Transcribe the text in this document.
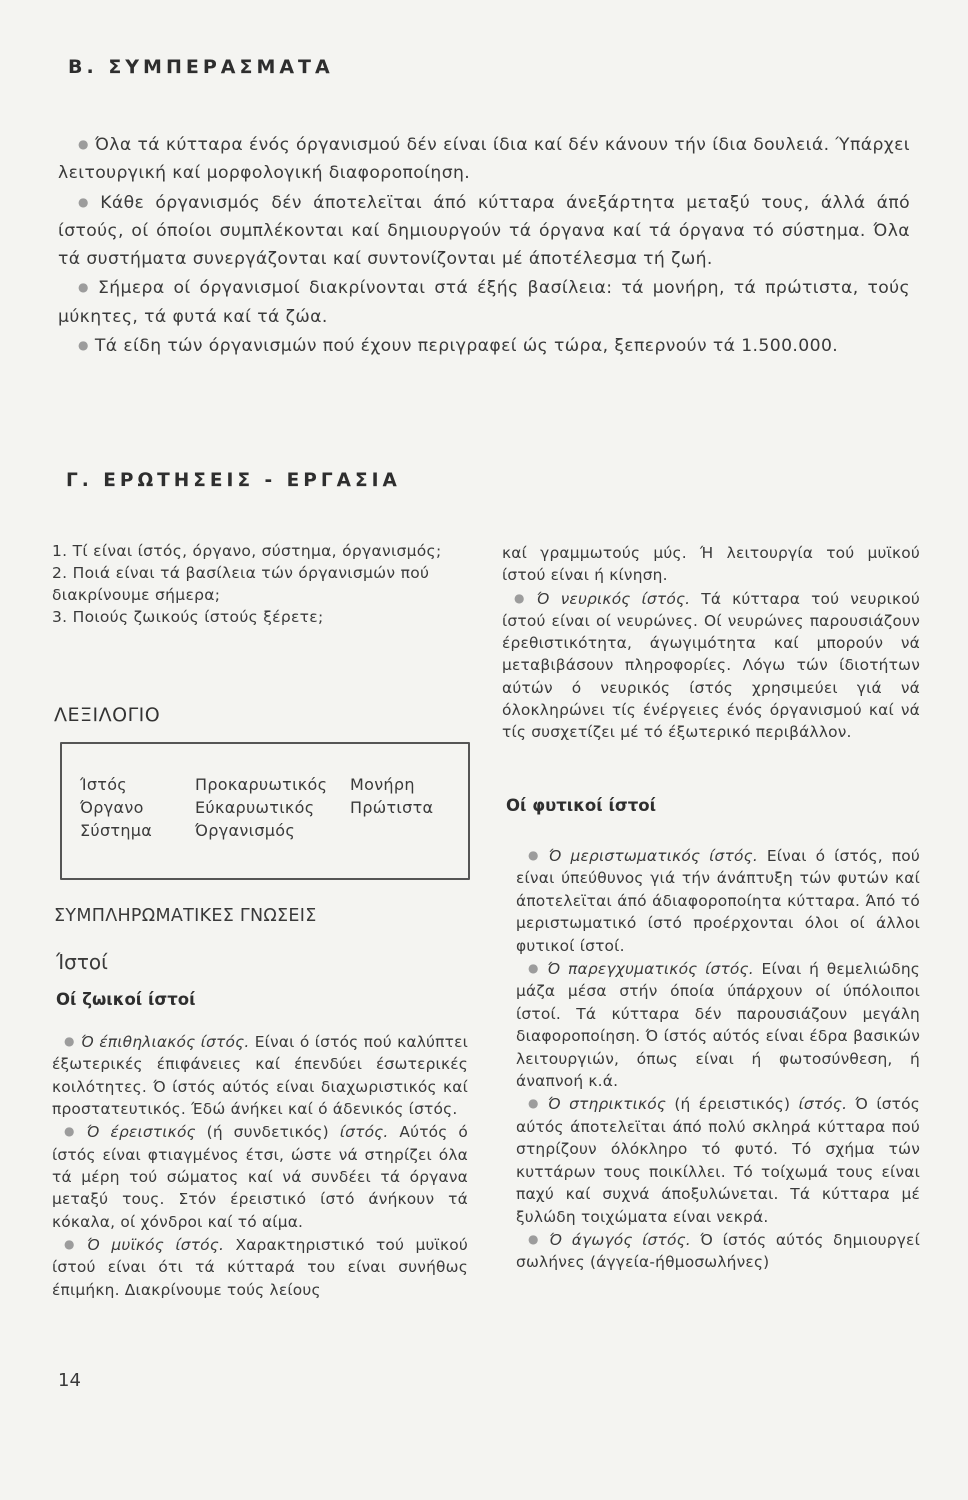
Β. ΣΥΜΠΕΡΑΣΜΑΤΑ

● Όλα τά κύτταρα ένός όργανισμού δέν είναι ίδια καί δέν κάνουν τήν ίδια δουλειά. Ύπάρχει λειτουργική καί μορφολογική διαφοροποίηση.

● Κάθε όργανισμός δέν άποτελεϊται άπό κύτταρα άνεξάρτητα μεταξύ τους, άλλά άπό ίστούς, οί όποίοι συμπλέκονται καί δημιουργούν τά όργανα καί τά όργανα τό σύστημα. Όλα τά συστήματα συνεργάζονται καί συντονίζονται μέ άποτέλεσμα τή ζωή.

● Σήμερα οί όργανισμοί διακρίνονται στά έξής βασίλεια: τά μονήρη, τά πρώτιστα, τούς μύκητες, τά φυτά καί τά ζώα.

● Τά είδη τών όργανισμών πού έχουν περιγραφεί ώς τώρα, ξεπερνούν τά 1.500.000.

Γ. ΕΡΩΤΗΣΕΙΣ - ΕΡΓΑΣΙΑ

1. Τί είναι ίστός, όργανο, σύστημα, όργανισμός;

2. Ποιά είναι τά βασίλεια τών όργανισμών πού διακρίνουμε σήμερα;

3. Ποιούς ζωικούς ίστούς ξέρετε;

ΛΕΞΙΛΟΓΙΟ
Ίστός	Προκαρυωτικός	Μονήρη
Όργανο	Εύκαρυωτικός	Πρώτιστα
Σύστημα	Όργανισμός
ΣΥΜΠΛΗΡΩΜΑΤΙΚΕΣ ΓΝΩΣΕΙΣ
Ίστοί
Οί ζωικοί ίστοί

● Ό έπιθηλιακός ίστός. Είναι ό ίστός πού καλύπτει έξωτερικές έπιφάνειες καί έπενδύει έσωτερικές κοιλότητες. Ό ίστός αύτός είναι διαχωριστικός καί προστατευτικός. Έδώ άνήκει καί ό άδενικός ίστός.

● Ό έρειστικός (ή συνδετικός) ίστός. Αύτός ό ίστός είναι φτιαγμένος έτσι, ώστε νά στηρίζει όλα τά μέρη τού σώματος καί νά συνδέει τά όργανα μεταξύ τους. Στόν έρειστικό ίστό άνήκουν τά κόκαλα, οί χόνδροι καί τό αίμα.

● Ό μυϊκός ίστός. Χαρακτηριστικό τού μυϊκού ίστού είναι ότι τά κύτταρά του είναι συνήθως έπιμήκη. Διακρίνουμε τούς λείους

καί γραμμωτούς μύς. Ή λειτουργία τού μυϊκού ίστού είναι ή κίνηση.

● Ό νευρικός ίστός. Τά κύτταρα τού νευρικού ίστού είναι οί νευρώνες. Οί νευρώνες παρουσιάζουν έρεθιστικότητα, άγωγιμότητα καί μπορούν νά μεταβιβάσουν πληροφορίες. Λόγω τών ίδιοτήτων αύτών ό νευρικός ίστός χρησιμεύει γιά νά όλοκληρώνει τίς ένέργειες ένός όργανισμού καί νά τίς συσχετίζει μέ τό έξωτερικό περιβάλλον.

Οί φυτικοί ίστοί

● Ό μεριστωματικός ίστός. Είναι ό ίστός, πού είναι ύπεύθυνος γιά τήν άνάπτυξη τών φυτών καί άποτελεϊται άπό άδιαφοροποίητα κύτταρα. Άπό τό μεριστωματικό ίστό προέρχονται όλοι οί άλλοι φυτικοί ίστοί.

● Ό παρεγχυματικός ίστός. Είναι ή θεμελιώδης μάζα μέσα στήν όποία ύπάρχουν οί ύπόλοιποι ίστοί. Τά κύτταρα δέν παρουσιάζουν μεγάλη διαφοροποίηση. Ό ίστός αύτός είναι έδρα βασικών λειτουργιών, όπως είναι ή φωτοσύνθεση, ή άναπνοή κ.ά.

● Ό στηρικτικός (ή έρειστικός) ίστός. Ό ίστός αύτός άποτελεϊται άπό πολύ σκληρά κύτταρα πού στηρίζουν όλόκληρο τό φυτό. Τό σχήμα τών κυττάρων τους ποικίλλει. Τό τοίχωμά τους είναι παχύ καί συχνά άποξυλώνεται. Τά κύτταρα μέ ξυλώδη τοιχώματα είναι νεκρά.

● Ό άγωγός ίστός. Ό ίστός αύτός δημιουργεί σωλήνες (άγγεία-ήθμοσωλήνες)

14
